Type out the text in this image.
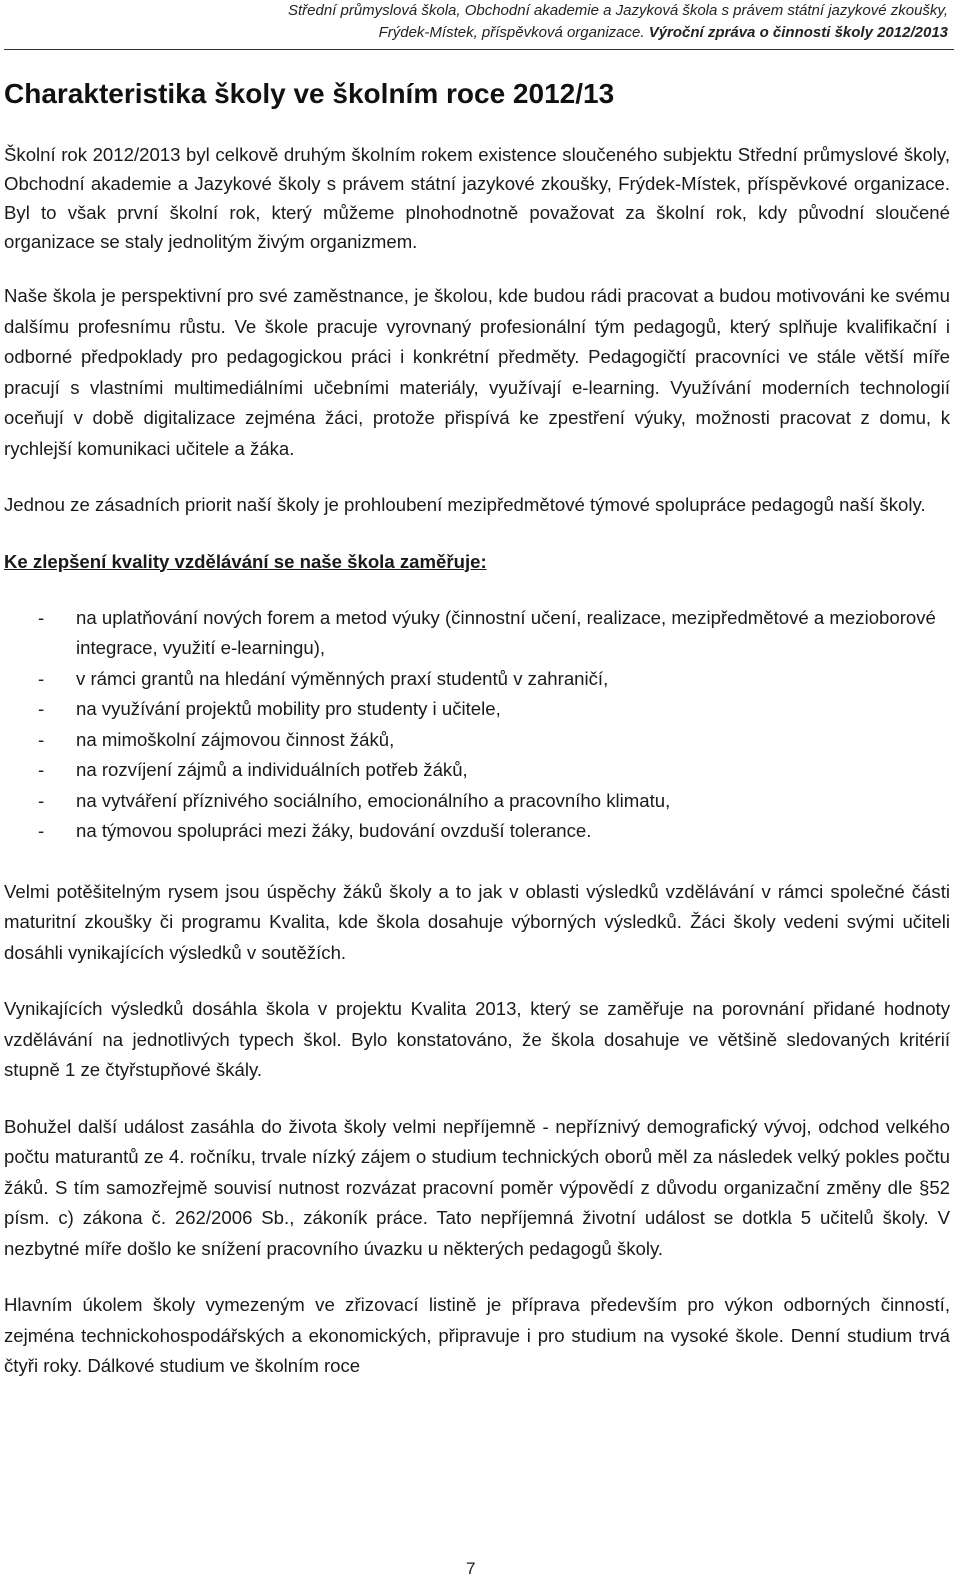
Střední průmyslová škola, Obchodní akademie a Jazyková škola s právem státní jazykové zkoušky,
Frýdek-Místek, příspěvková organizace. Výroční zpráva o činnosti školy 2012/2013
Charakteristika školy ve školním roce 2012/13

Školní rok 2012/2013 byl celkově druhým školním rokem existence sloučeného subjektu Střední průmyslové školy, Obchodní akademie a Jazykové školy s právem státní jazykové zkoušky, Frýdek-Místek, příspěvkové organizace. Byl to však první školní rok, který můžeme plnohodnotně považovat za školní rok, kdy původní sloučené organizace se staly jednolitým živým organizmem.

Naše škola je perspektivní pro své zaměstnance, je školou, kde budou rádi pracovat a budou motivováni ke svému dalšímu profesnímu růstu. Ve škole pracuje vyrovnaný profesionální tým pedagogů, který splňuje kvalifikační i odborné předpoklady pro pedagogickou práci i konkrétní předměty. Pedagogičtí pracovníci ve stále větší míře pracují s vlastními multimediálními učebními materiály, využívají e-learning. Využívání moderních technologií oceňují v době digitalizace zejména žáci, protože přispívá ke zpestření výuky, možnosti pracovat z domu, k rychlejší komunikaci učitele a žáka.

Jednou ze zásadních priorit naší školy je prohloubení mezipředmětové týmové spolupráce pedagogů naší školy.

Ke zlepšení kvality vzdělávání se naše škola zaměřuje:

- na uplatňování nových forem a metod výuky (činnostní učení, realizace, mezipředmětové a mezioborové integrace, využití e-learningu),
- v rámci grantů na hledání výměnných praxí studentů v zahraničí,
- na využívání projektů mobility pro studenty i učitele,
- na mimoškolní zájmovou činnost žáků,
- na rozvíjení zájmů a individuálních potřeb žáků,
- na vytváření příznivého sociálního, emocionálního a pracovního klimatu,
- na týmovou spolupráci mezi žáky, budování ovzduší tolerance.

Velmi potěšitelným rysem jsou úspěchy žáků školy a to jak v oblasti výsledků vzdělávání v rámci společné části maturitní zkoušky či programu Kvalita, kde škola dosahuje výborných výsledků. Žáci školy vedeni svými učiteli dosáhli vynikajících výsledků v soutěžích.

Vynikajících výsledků dosáhla škola v projektu Kvalita 2013, který se zaměřuje na porovnání přidané hodnoty vzdělávání na jednotlivých typech škol. Bylo konstatováno, že škola dosahuje ve většině sledovaných kritérií stupně 1 ze čtyřstupňové škály.

Bohužel další událost zasáhla do života školy velmi nepříjemně - nepříznivý demografický vývoj, odchod velkého počtu maturantů ze 4. ročníku, trvale nízký zájem o studium technických oborů měl za následek velký pokles počtu žáků. S tím samozřejmě souvisí nutnost rozvázat pracovní poměr výpovědí z důvodu organizační změny dle §52 písm. c) zákona č. 262/2006 Sb., zákoník práce. Tato nepříjemná životní událost se dotkla 5 učitelů školy. V nezbytné míře došlo ke snížení pracovního úvazku u některých pedagogů školy.

Hlavním úkolem školy vymezeným ve zřizovací listině je příprava především pro výkon odborných činností, zejména technickohospodářských a ekonomických, připravuje i pro studium na vysoké škole. Denní studium trvá čtyři roky. Dálkové studium ve školním roce

7
